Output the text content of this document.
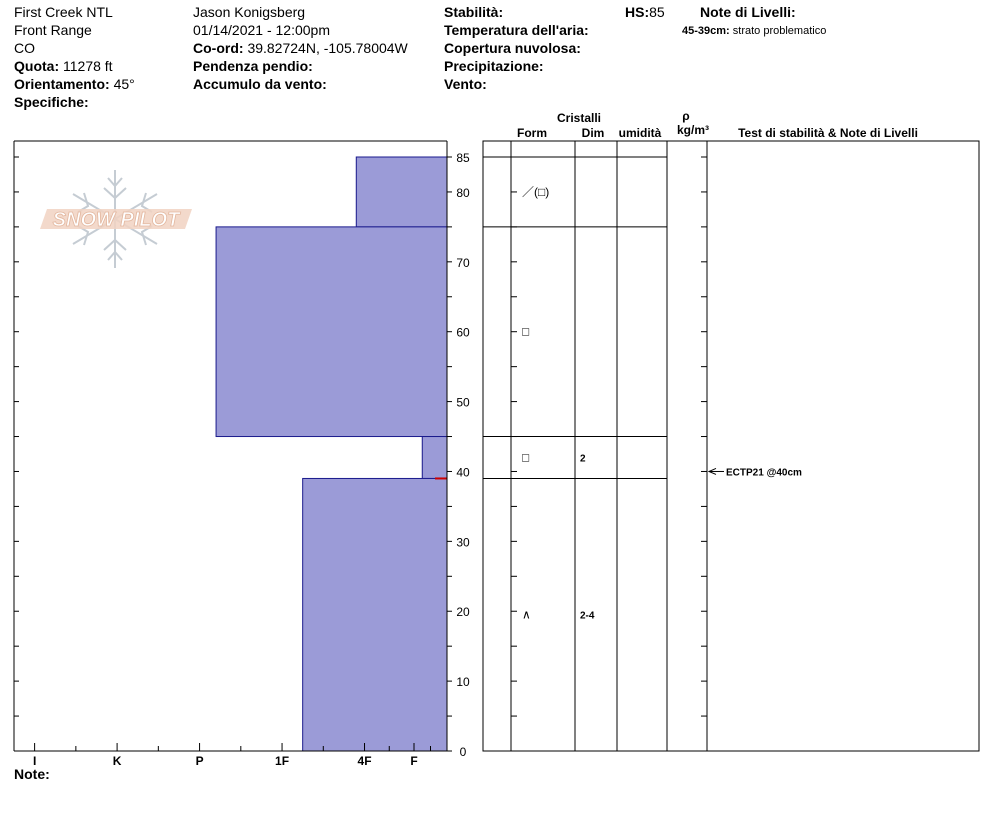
First Creek NTL
Front Range
CO
Quota: 11278 ft
Orientamento: 45°
Specifiche:
Jason Konigsberg
01/14/2021 - 12:00pm
Co-ord: 39.82724N, -105.78004W
Pendenza pendio:
Accumulo da vento:
Stabilità:
Temperatura dell'aria:
Copertura nuvolosa:
Precipitazione:
Vento:
HS:85	Note di Livelli:
45-39cm: strato problematico
Note:
SNOW PILOT
0
10
20
30
40
50
60
70
80
85
I	K	P	1F	4F	F
／(□)
□
□	2
∧	2-4
ECTP21 @40cm
Cristalli
Form	Dim umidità
ρ
kg/m³ Test di stabilità & Note di Livelli
